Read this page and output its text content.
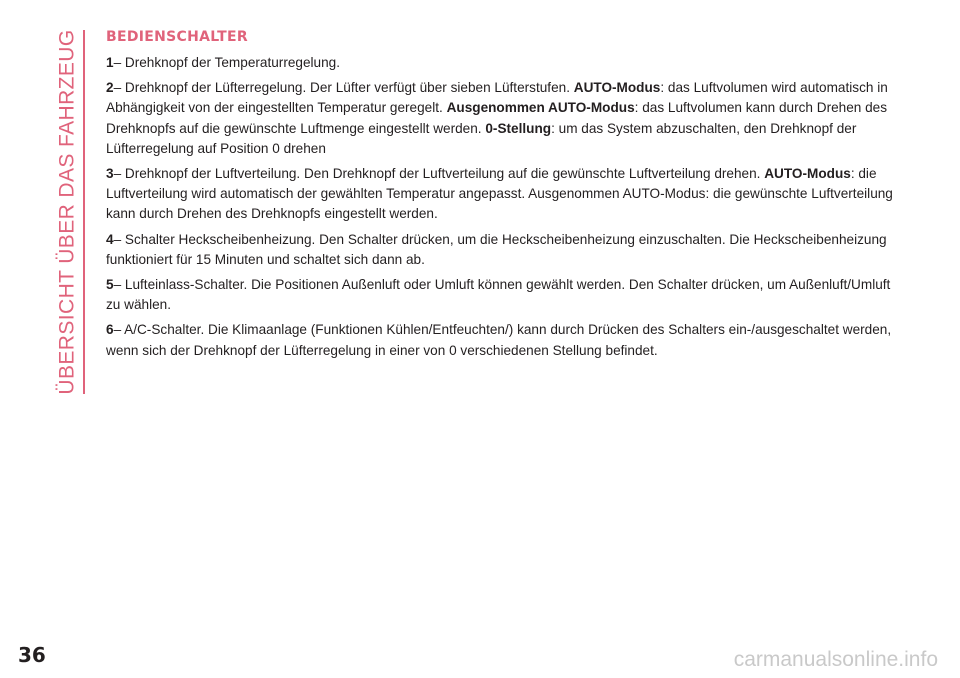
ÜBERSICHT ÜBER DAS FAHRZEUG BEDIENSCHALTER

1– Drehknopf der Temperaturregelung.

2– Drehknopf der Lüfterregelung. Der Lüfter verfügt über sieben Lüfterstufen. AUTO-Modus: das Luftvolumen wird automatisch in Abhängigkeit von der eingestellten Temperatur geregelt. Ausgenommen AUTO-Modus: das Luftvolumen kann durch Drehen des Drehknopfs auf die gewünschte Luftmenge eingestellt werden. 0-Stellung: um das System abzuschalten, den Drehknopf der Lüfterregelung auf Position 0 drehen

3– Drehknopf der Luftverteilung. Den Drehknopf der Luftverteilung auf die gewünschte Luftverteilung drehen. AUTO-Modus: die Luftverteilung wird automatisch der gewählten Temperatur angepasst. Ausgenommen AUTO-Modus: die gewünschte Luftverteilung kann durch Drehen des Drehknopfs eingestellt werden.

4– Schalter Heckscheibenheizung. Den Schalter drücken, um die Heckscheibenheizung einzuschalten. Die Heckscheibenheizung funktioniert für 15 Minuten und schaltet sich dann ab.

5– Lufteinlass-Schalter. Die Positionen Außenluft oder Umluft können gewählt werden. Den Schalter drücken, um Außenluft/Umluft zu wählen.

6– A/C-Schalter. Die Klimaanlage (Funktionen Kühlen/Entfeuchten/) kann durch Drücken des Schalters ein-/ausgeschaltet werden, wenn sich der Drehknopf der Lüfterregelung in einer von 0 verschiedenen Stellung befindet.

36	carmanualsonline.info
